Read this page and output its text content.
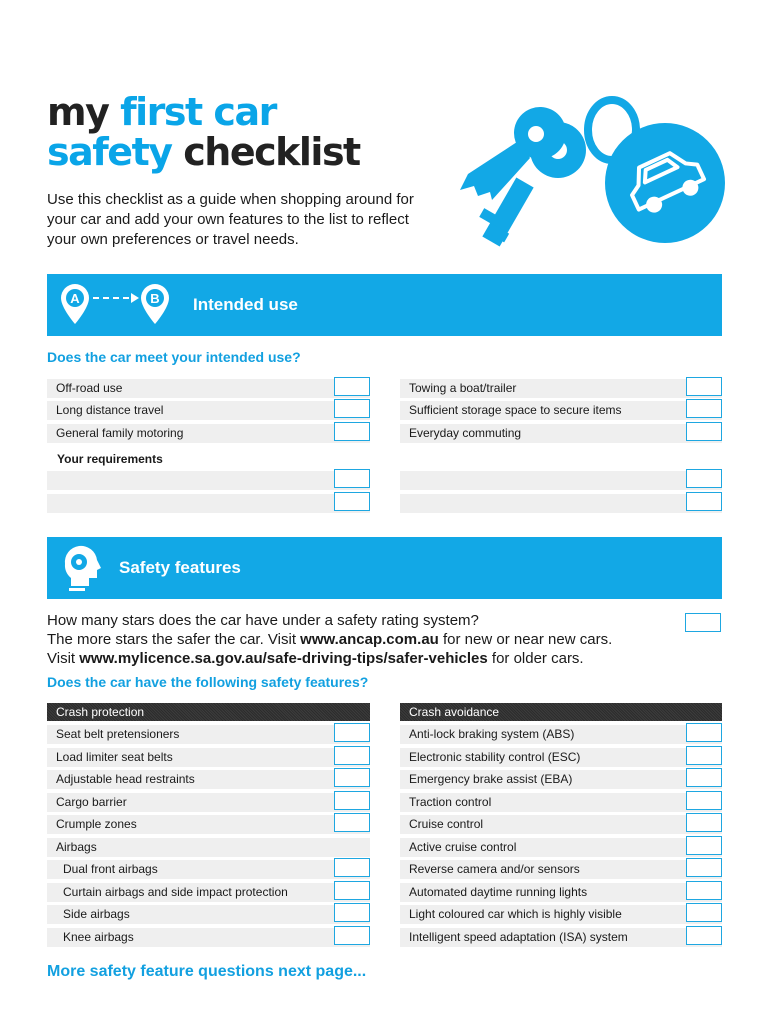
my first car
safety checklist

Use this checklist as a guide when shopping around for your car and add your own features to the list to reflect your own preferences or travel needs.

A	B Intended use
Does the car meet your intended use?
Off-road use
Long distance travel
General family motoring
Towing a boat/trailer
Sufficient storage space to secure items
Everyday commuting
Your requirements
Safety features
How many stars does the car have under a safety rating system?
The more stars the safer the car. Visit www.ancap.com.au for new or near new cars.
Visit www.mylicence.sa.gov.au/safe-driving-tips/safer-vehicles for older cars.
Does the car have the following safety features?
Crash protection	Crash avoidance
Seat belt pretensioners
Load limiter seat belts
Adjustable head restraints
Cargo barrier
Crumple zones
Airbags
Dual front airbags
Curtain airbags and side impact protection
Side airbags
Knee airbags
Anti-lock braking system (ABS)
Electronic stability control (ESC)
Emergency brake assist (EBA)
Traction control
Cruise control
Active cruise control
Reverse camera and/or sensors
Automated daytime running lights
Light coloured car which is highly visible
Intelligent speed adaptation (ISA) system
More safety feature questions next page...
